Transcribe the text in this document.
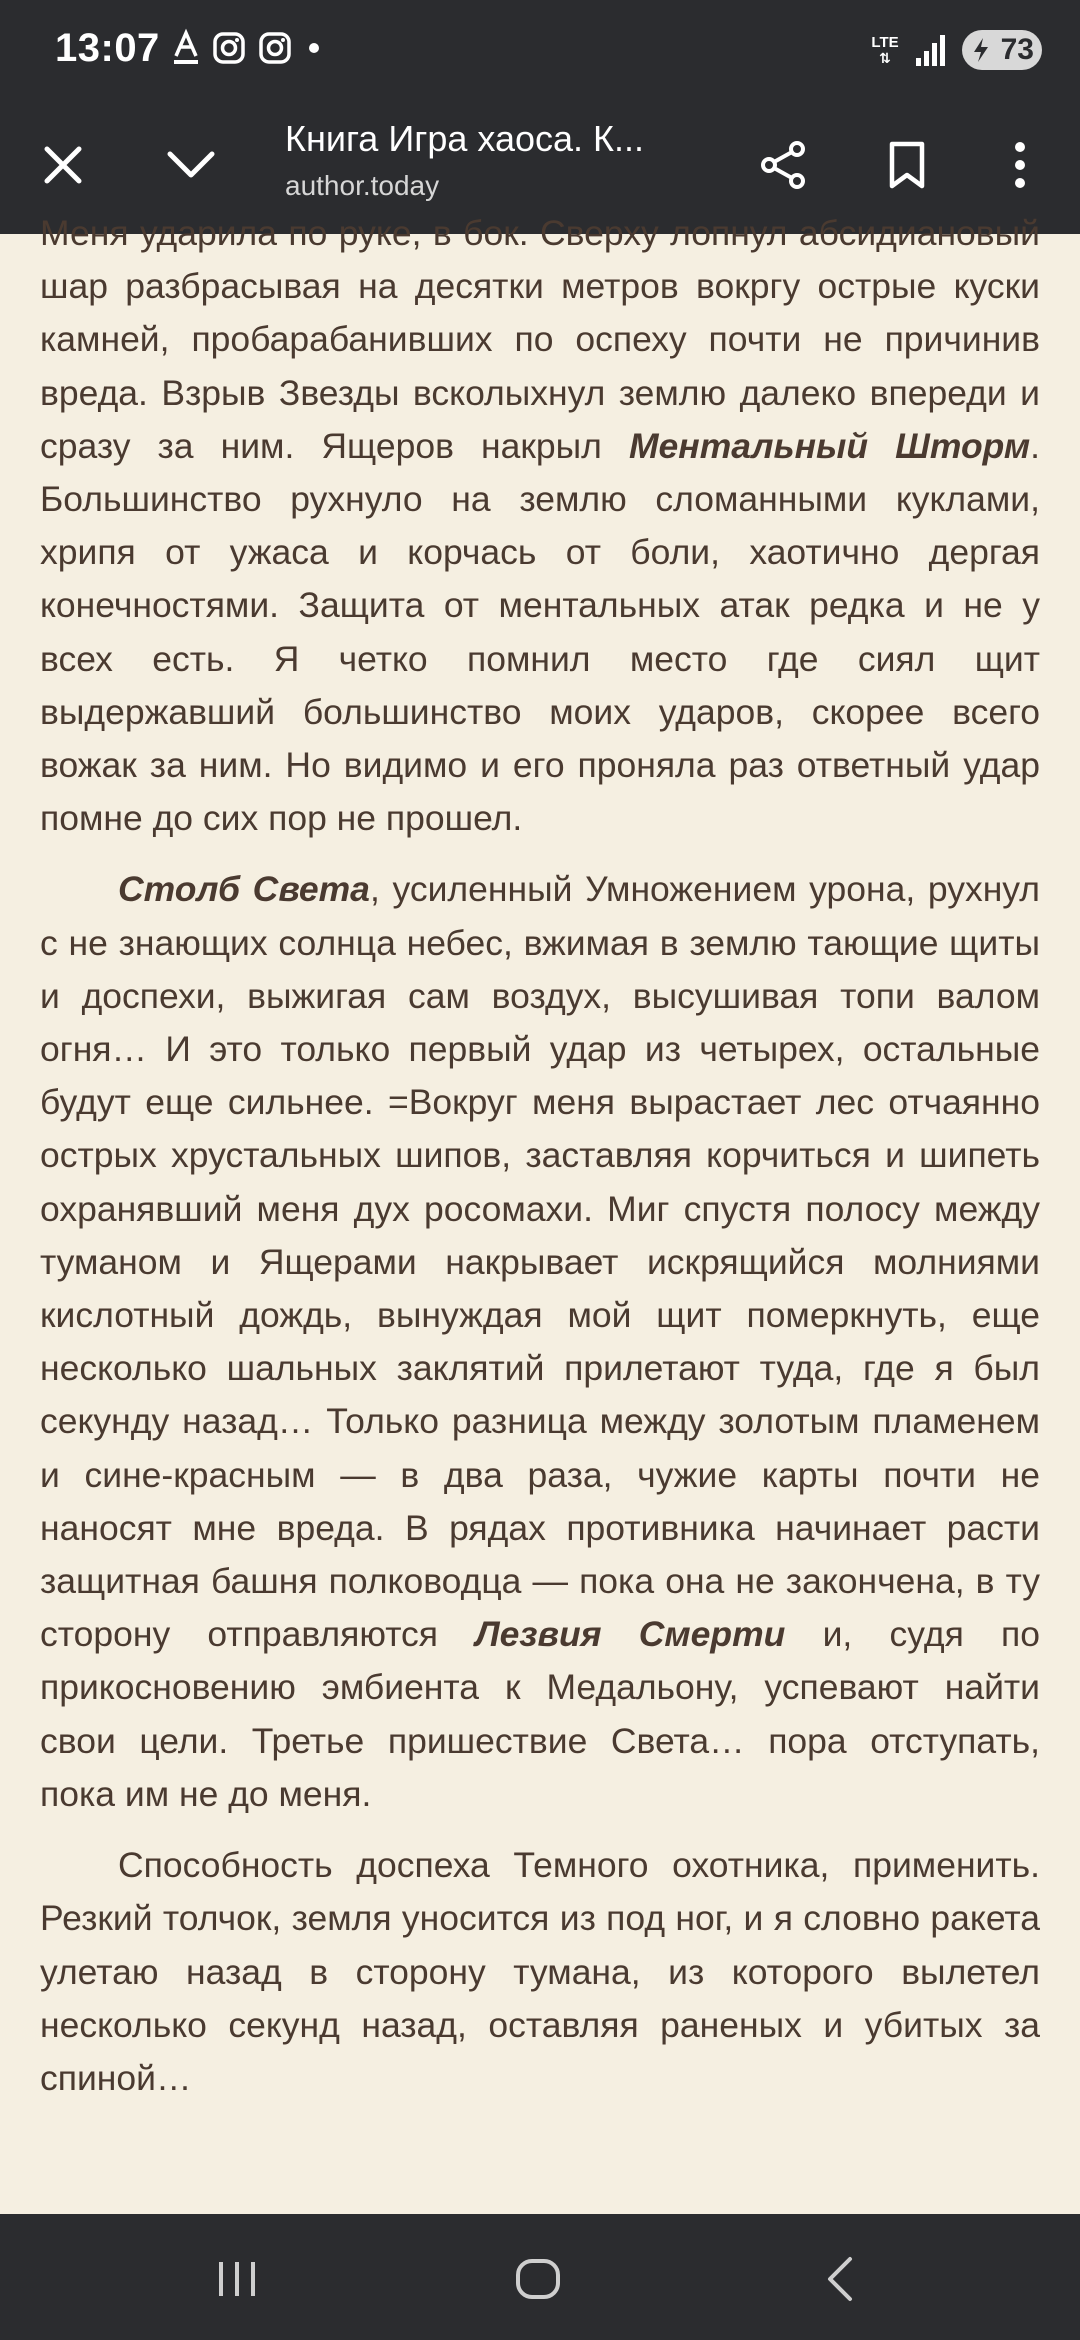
13:07	LTE
⇅	73
Книга Игра хаоса. К...
author.today

Меня ударила по руке, в бок. Сверху лопнул абсидиановый шар разбрасывая на десятки метров вокргу острые куски камней, пробарабанивших по оспеху почти не причинив вреда. Взрыв Звезды всколыхнул землю далеко впереди и сразу за ним. Ящеров накрыл Ментальный Шторм. Большинство рухнуло на землю сломанными куклами, хрипя от ужаса и корчась от боли, хаотично дергая конечностями. Защита от ментальных атак редка и не у всех есть. Я четко помнил место где сиял щит выдержавший большинство моих ударов, скорее всего вожак за ним. Но видимо и его проняла раз ответный удар помне до сих пор не прошел.

Столб Света, усиленный Умножением урона, рухнул с не знающих солнца небес, вжимая в землю тающие щиты и доспехи, выжигая сам воздух, высушивая топи валом огня… И это только первый удар из четырех, остальные будут еще сильнее. =Вокруг меня вырастает лес отчаянно острых хрустальных шипов, заставляя корчиться и шипеть охранявший меня дух росомахи. Миг спустя полосу между туманом и Ящерами накрывает искрящийся молниями кислотный дождь, вынуждая мой щит померкнуть, еще несколько шальных заклятий прилетают туда, где я был секунду назад… Только разница между золотым пламенем и сине-красным — в два раза, чужие карты почти не наносят мне вреда. В рядах противника начинает расти защитная башня полководца — пока она не закончена, в ту сторону отправляются Лезвия Смерти и, судя по прикосновению эмбиента к Медальону, успевают найти свои цели. Третье пришествие Света… пора отступать, пока им не до меня.

Способность доспеха Темного охотника, применить. Резкий толчок, земля уносится из под ног, и я словно ракета улетаю назад в сторону тумана, из которого вылетел несколько секунд назад, оставляя раненых и убитых за спиной…
